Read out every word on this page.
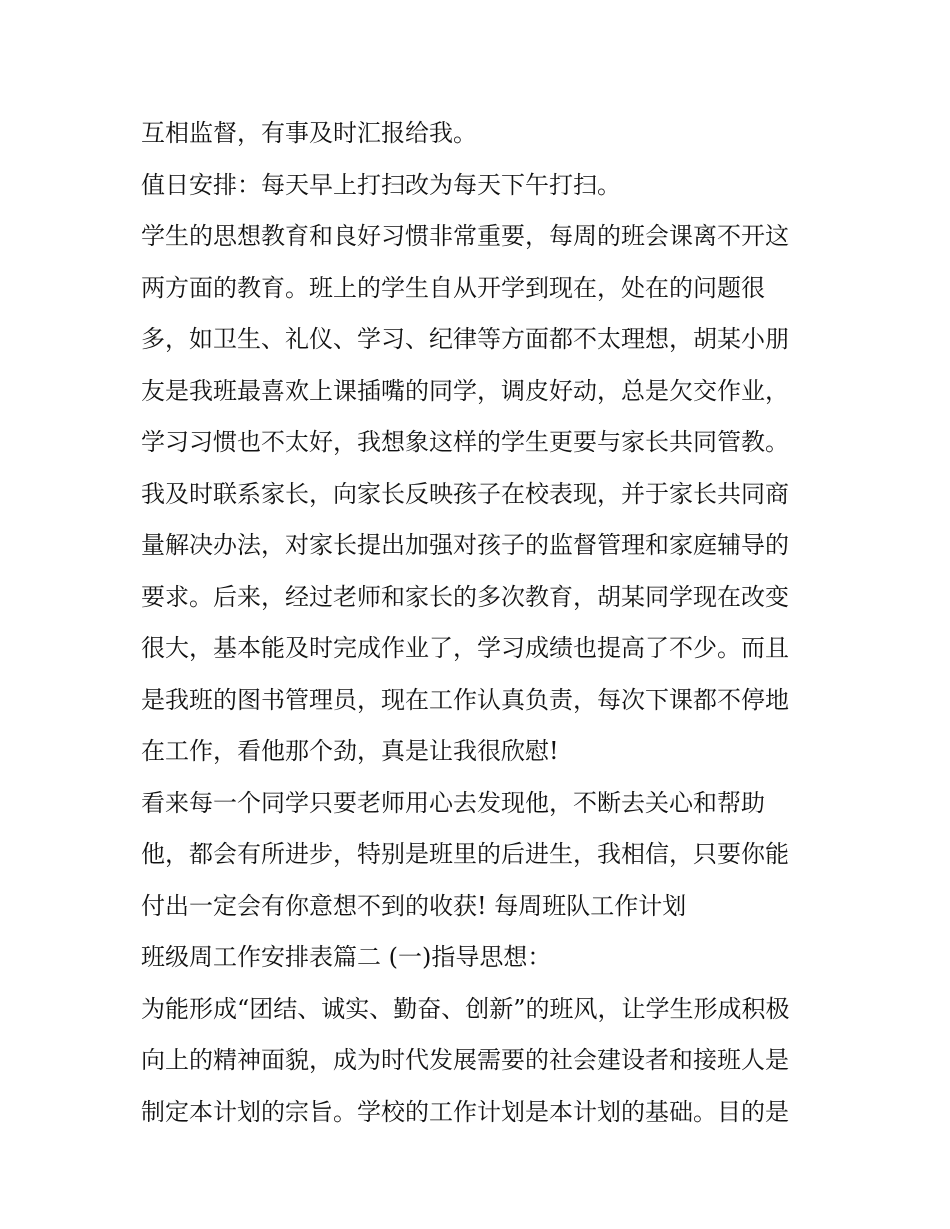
互相监督，有事及时汇报给我。
值日安排：每天早上打扫改为每天下午打扫。
学生的思想教育和良好习惯非常重要，每周的班会课离不开这
两方面的教育。班上的学生自从开学到现在，处在的问题很
多，如卫生、礼仪、学习、纪律等方面都不太理想，胡某小朋
友是我班最喜欢上课插嘴的同学，调皮好动，总是欠交作业，
学习习惯也不太好，我想象这样的学生更要与家长共同管教。
我及时联系家长，向家长反映孩子在校表现，并于家长共同商
量解决办法，对家长提出加强对孩子的监督管理和家庭辅导的
要求。后来，经过老师和家长的多次教育，胡某同学现在改变
很大，基本能及时完成作业了，学习成绩也提高了不少。而且
是我班的图书管理员，现在工作认真负责，每次下课都不停地
在工作，看他那个劲，真是让我很欣慰!
看来每一个同学只要老师用心去发现他，不断去关心和帮助
他，都会有所进步，特别是班里的后进生，我相信，只要你能
付出一定会有你意想不到的收获! 每周班队工作计划
班级周工作安排表篇二 (一)指导思想：
为能形成“团结、诚实、勤奋、创新”的班风，让学生形成积极
向上的精神面貌，成为时代发展需要的社会建设者和接班人是
制定本计划的宗旨。学校的工作计划是本计划的基础。目的是
